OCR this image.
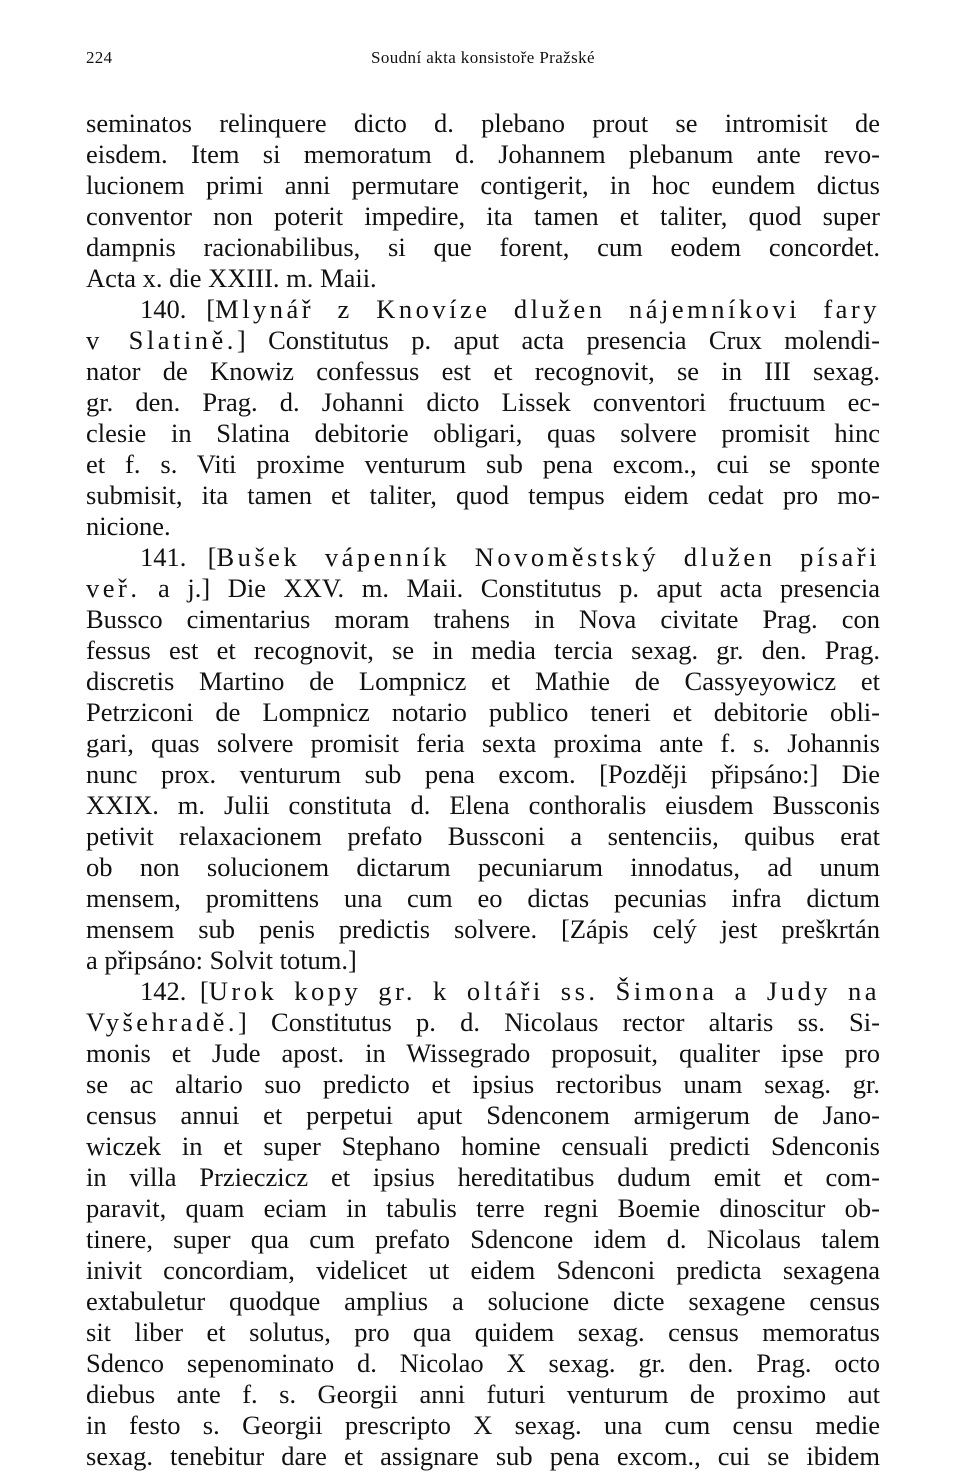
224	Soudní akta konsistoře Pražské
seminatos relinquere dicto d. plebano prout se intromisit de
eisdem. Item si memoratum d. Johannem plebanum ante revo-
lucionem primi anni permutare contigerit, in hoc eundem dictus
conventor non poterit impedire, ita tamen et taliter, quod super
dampnis racionabilibus, si que forent, cum eodem concordet.
Acta x. die XXIII. m. Maii.
140. [Mlynář z Knovíze dlužen nájemníkovi fary
v Slatině.] Constitutus p. aput acta presencia Crux molendi-
nator de Knowiz confessus est et recognovit, se in III sexag.
gr. den. Prag. d. Johanni dicto Lissek conventori fructuum ec-
clesie in Slatina debitorie obligari, quas solvere promisit hinc
et f. s. Viti proxime venturum sub pena excom., cui se sponte
submisit, ita tamen et taliter, quod tempus eidem cedat pro mo-
nicione.
141. [Bušek vápenník Novoměstský dlužen písaři
veř. a j.] Die XXV. m. Maii. Constitutus p. aput acta presencia
Bussco cimentarius moram trahens in Nova civitate Prag. con
fessus est et recognovit, se in media tercia sexag. gr. den. Prag.
discretis Martino de Lompnicz et Mathie de Cassyeyowicz et
Petrziconi de Lompnicz notario publico teneri et debitorie obli-
gari, quas solvere promisit feria sexta proxima ante f. s. Johannis
nunc prox. venturum sub pena excom. [Později připsáno:] Die
XXIX. m. Julii constituta d. Elena conthoralis eiusdem Bussconis
petivit relaxacionem prefato Bussconi a sentenciis, quibus erat
ob non solucionem dictarum pecuniarum innodatus, ad unum
mensem, promittens una cum eo dictas pecunias infra dictum
mensem sub penis predictis solvere. [Zápis celý jest preškrtán
a připsáno: Solvit totum.]
142. [Urok kopy gr. k oltáři ss. Šimona a Judy na
Vyšehradě.] Constitutus p. d. Nicolaus rector altaris ss. Si-
monis et Jude apost. in Wissegrado proposuit, qualiter ipse pro
se ac altario suo predicto et ipsius rectoribus unam sexag. gr.
census annui et perpetui aput Sdenconem armigerum de Jano-
wiczek in et super Stephano homine censuali predicti Sdenconis
in villa Przieczicz et ipsius hereditatibus dudum emit et com-
paravit, quam eciam in tabulis terre regni Boemie dinoscitur ob-
tinere, super qua cum prefato Sdencone idem d. Nicolaus talem
inivit concordiam, videlicet ut eidem Sdenconi predicta sexagena
extabuletur quodque amplius a solucione dicte sexagene census
sit liber et solutus, pro qua quidem sexag. census memoratus
Sdenco sepenominato d. Nicolao X sexag. gr. den. Prag. octo
diebus ante f. s. Georgii anni futuri venturum de proximo aut
in festo s. Georgii prescripto X sexag. una cum censu medie
sexag. tenebitur dare et assignare sub pena excom., cui se ibidem
